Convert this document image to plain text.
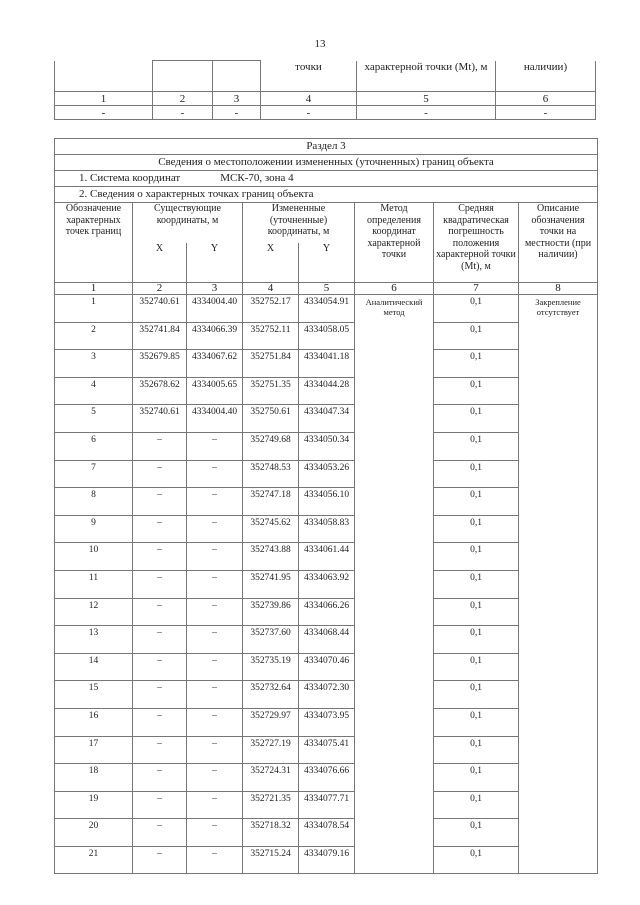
13
			точки	характерной точки (Mt), м	наличии)
1	2	3	4	5	6
-	-	-	-	-	-
Раздел 3							
Сведения о местоположении измененных (уточненных) границ объекта							
1. Система координат МСК-70, зона 4							
2. Сведения о характерных точках границ объекта							
Обозначение характерных точек границ	Существующие координаты, м		Измененные (уточненные) координаты, м		Метод определения координат характерной точки	Средняя квадратическая погрешность положения характерной точки (Mt), м	Описание обозначения точки на местности (при наличии)
	X	Y	X	Y			
1	2	3	4	5	6	7	8
1	352740.61	4334004.40	352752.17	4334054.91	Аналитический метод	0,1	Закрепление отсутствует
2	352741.84	4334066.39	352752.11	4334058.05		0,1	
3	352679.85	4334067.62	352751.84	4334041.18		0,1	
4	352678.62	4334005.65	352751.35	4334044.28		0,1	
5	352740.61	4334004.40	352750.61	4334047.34		0,1	
6	–	–	352749.68	4334050.34		0,1	
7	–	–	352748.53	4334053.26		0,1	
8	–	–	352747.18	4334056.10		0,1	
9	–	–	352745.62	4334058.83		0,1	
10	–	–	352743.88	4334061.44		0,1	
11	–	–	352741.95	4334063.92		0,1	
12	–	–	352739.86	4334066.26		0,1	
13	–	–	352737.60	4334068.44		0,1	
14	–	–	352735.19	4334070.46		0,1	
15	–	–	352732.64	4334072.30		0,1	
16	–	–	352729.97	4334073.95		0,1	
17	–	–	352727.19	4334075.41		0,1	
18	–	–	352724.31	4334076.66		0,1	
19	–	–	352721.35	4334077.71		0,1	
20	–	–	352718.32	4334078.54		0,1	
21	–	–	352715.24	4334079.16		0,1	
